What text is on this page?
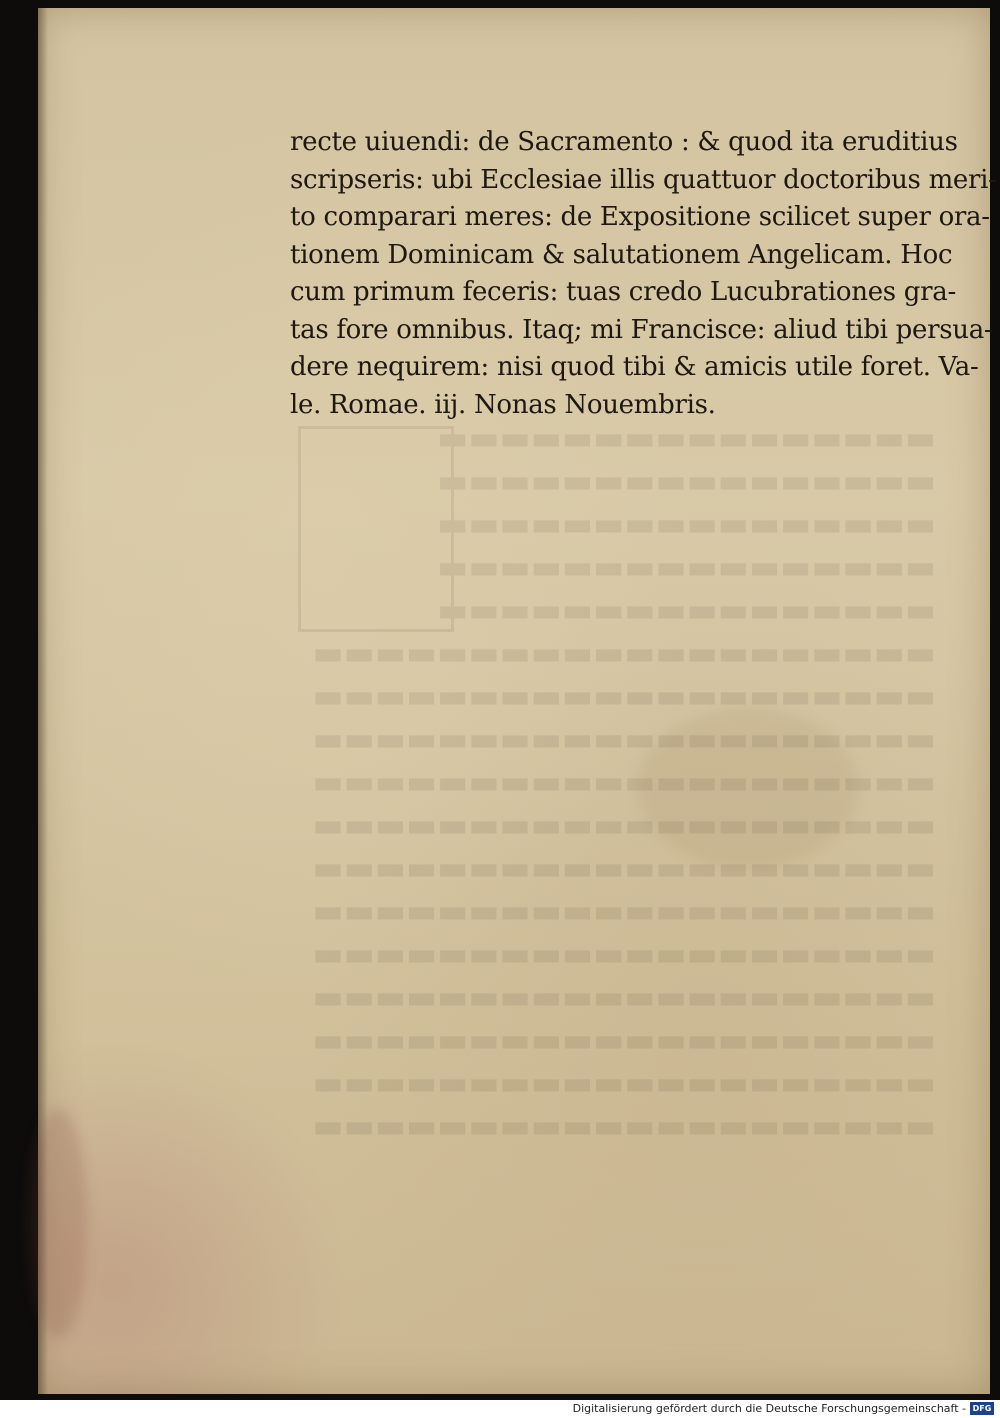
▬▬▬▬▬▬▬▬▬▬▬▬▬▬▬▬
▬▬▬▬▬▬▬▬▬▬▬▬▬▬▬▬
▬▬▬▬▬▬▬▬▬▬▬▬▬▬▬▬
▬▬▬▬▬▬▬▬▬▬▬▬▬▬▬▬
▬▬▬▬▬▬▬▬▬▬▬▬▬▬▬▬
▬▬▬▬▬▬▬▬▬▬▬▬▬▬▬▬▬▬▬▬
▬▬▬▬▬▬▬▬▬▬▬▬▬▬▬▬▬▬▬▬
▬▬▬▬▬▬▬▬▬▬▬▬▬▬▬▬▬▬▬▬
▬▬▬▬▬▬▬▬▬▬▬▬▬▬▬▬▬▬▬▬
▬▬▬▬▬▬▬▬▬▬▬▬▬▬▬▬▬▬▬▬
▬▬▬▬▬▬▬▬▬▬▬▬▬▬▬▬▬▬▬▬
▬▬▬▬▬▬▬▬▬▬▬▬▬▬▬▬▬▬▬▬
▬▬▬▬▬▬▬▬▬▬▬▬▬▬▬▬▬▬▬▬
▬▬▬▬▬▬▬▬▬▬▬▬▬▬▬▬▬▬▬▬
▬▬▬▬▬▬▬▬▬▬▬▬▬▬▬▬▬▬▬▬
▬▬▬▬▬▬▬▬▬▬▬▬▬▬▬▬▬▬▬▬
▬▬▬▬▬▬▬▬▬▬▬▬▬▬▬▬▬▬▬▬
recte uiuendi: de Sacramento : & quod ita eruditius
scripseris: ubi Ecclesiae illis quattuor doctoribus meri-
to comparari meres: de Expositione scilicet super ora-
tionem Dominicam & salutationem Angelicam. Hoc
cum primum feceris: tuas credo Lucubrationes gra-
tas fore omnibus. Itaq; mi Francisce: aliud tibi persua-
dere nequirem: nisi quod tibi & amicis utile foret. Va-
le. Romae. iij. Nonas Nouembris.
Digitalisierung gefördert durch die Deutsche Forschungsgemeinschaft - DFG
